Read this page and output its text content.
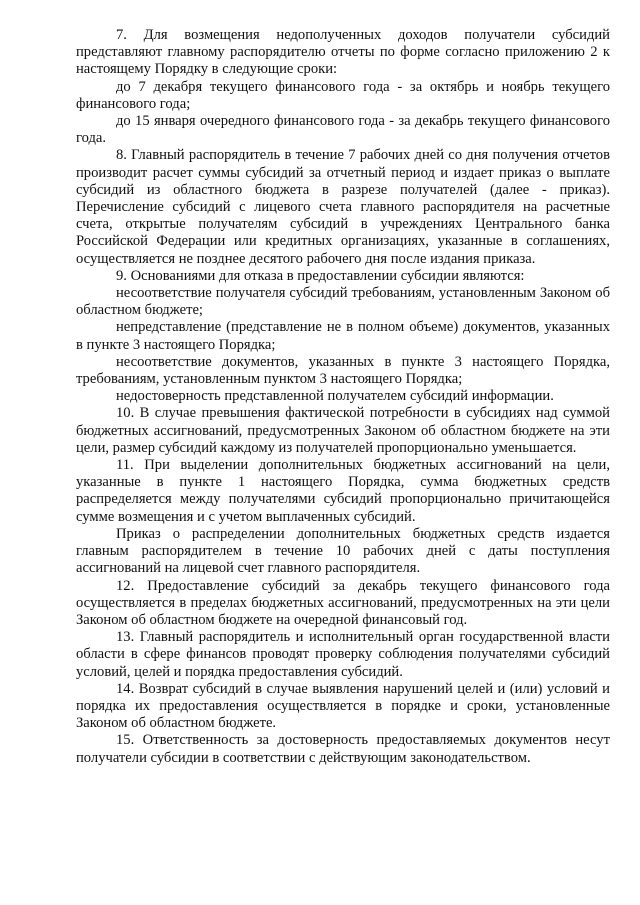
7. Для возмещения недополученных доходов получатели субсидий представляют главному распорядителю отчеты по форме согласно приложению 2 к настоящему Порядку в следующие сроки:

до 7 декабря текущего финансового года - за октябрь и ноябрь текущего финансового года;

до 15 января очередного финансового года - за декабрь текущего финансового года.

8. Главный распорядитель в течение 7 рабочих дней со дня получения отчетов производит расчет суммы субсидий за отчетный период и издает приказ о выплате субсидий из областного бюджета в разрезе получателей (далее - приказ). Перечисление субсидий с лицевого счета главного распорядителя на расчетные счета, открытые получателям субсидий в учреждениях Центрального банка Российской Федерации или кредитных организациях, указанные в соглашениях, осуществляется не позднее десятого рабочего дня после издания приказа.

9. Основаниями для отказа в предоставлении субсидии являются:

несоответствие получателя субсидий требованиям, установленным Законом об областном бюджете;

непредставление (представление не в полном объеме) документов, указанных в пункте 3 настоящего Порядка;

несоответствие документов, указанных в пункте 3 настоящего Порядка, требованиям, установленным пунктом 3 настоящего Порядка;

недостоверность представленной получателем субсидий информации.

10. В случае превышения фактической потребности в субсидиях над суммой бюджетных ассигнований, предусмотренных Законом об областном бюджете на эти цели, размер субсидий каждому из получателей пропорционально уменьшается.

11. При выделении дополнительных бюджетных ассигнований на цели, указанные в пункте 1 настоящего Порядка, сумма бюджетных средств распределяется между получателями субсидий пропорционально причитающейся сумме возмещения и с учетом выплаченных субсидий.

Приказ о распределении дополнительных бюджетных средств издается главным распорядителем в течение 10 рабочих дней с даты поступления ассигнований на лицевой счет главного распорядителя.

12. Предоставление субсидий за декабрь текущего финансового года осуществляется в пределах бюджетных ассигнований, предусмотренных на эти цели Законом об областном бюджете на очередной финансовый год.

13. Главный распорядитель и исполнительный орган государственной власти области в сфере финансов проводят проверку соблюдения получателями субсидий условий, целей и порядка предоставления субсидий.

14. Возврат субсидий в случае выявления нарушений целей и (или) условий и порядка их предоставления осуществляется в порядке и сроки, установленные Законом об областном бюджете.

15. Ответственность за достоверность предоставляемых документов несут получатели субсидии в соответствии с действующим законодательством.
